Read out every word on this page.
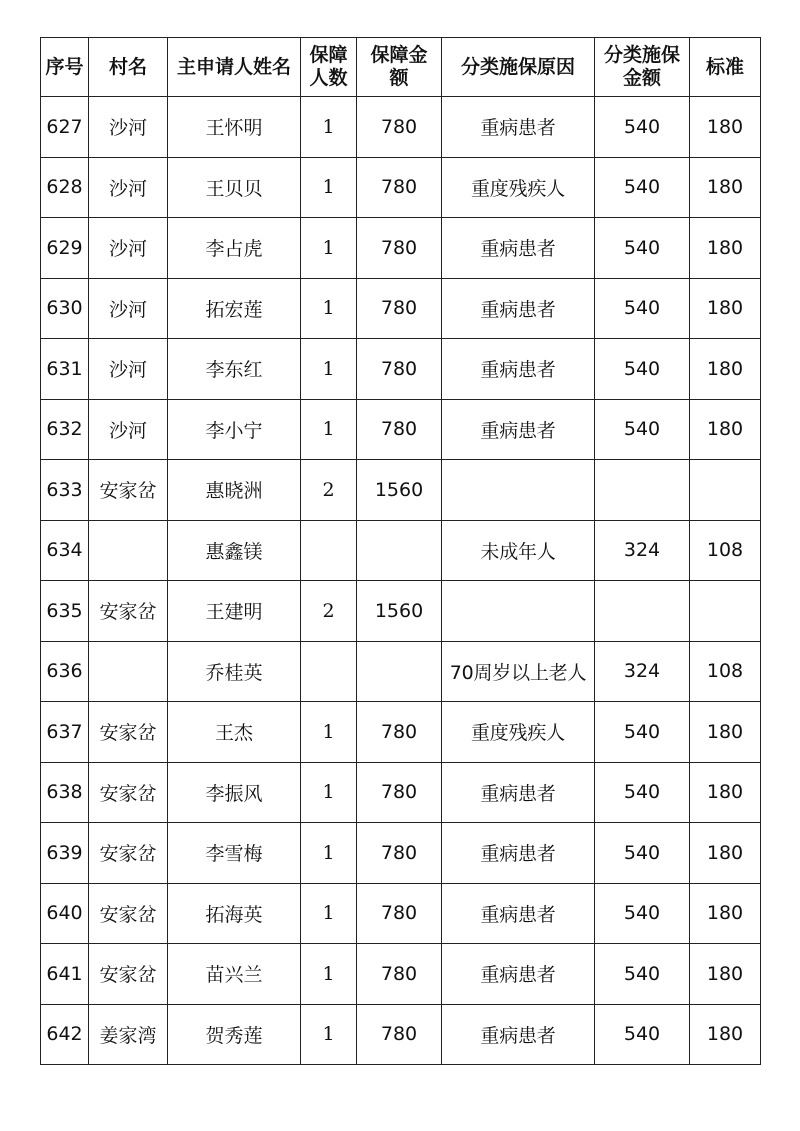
序号	村名	主申请人姓名	保障人数	保障金额	分类施保原因	分类施保金额	标准
627	沙河	王怀明	1	780	重病患者	540	180
628	沙河	王贝贝	1	780	重度残疾人	540	180
629	沙河	李占虎	1	780	重病患者	540	180
630	沙河	拓宏莲	1	780	重病患者	540	180
631	沙河	李东红	1	780	重病患者	540	180
632	沙河	李小宁	1	780	重病患者	540	180
633	安家岔	惠晓洲	2	1560			
634		惠鑫镁			未成年人	324	108
635	安家岔	王建明	2	1560			
636		乔桂英			70周岁以上老人	324	108
637	安家岔	王杰	1	780	重度残疾人	540	180
638	安家岔	李振风	1	780	重病患者	540	180
639	安家岔	李雪梅	1	780	重病患者	540	180
640	安家岔	拓海英	1	780	重病患者	540	180
641	安家岔	苗兴兰	1	780	重病患者	540	180
642	姜家湾	贺秀莲	1	780	重病患者	540	180
